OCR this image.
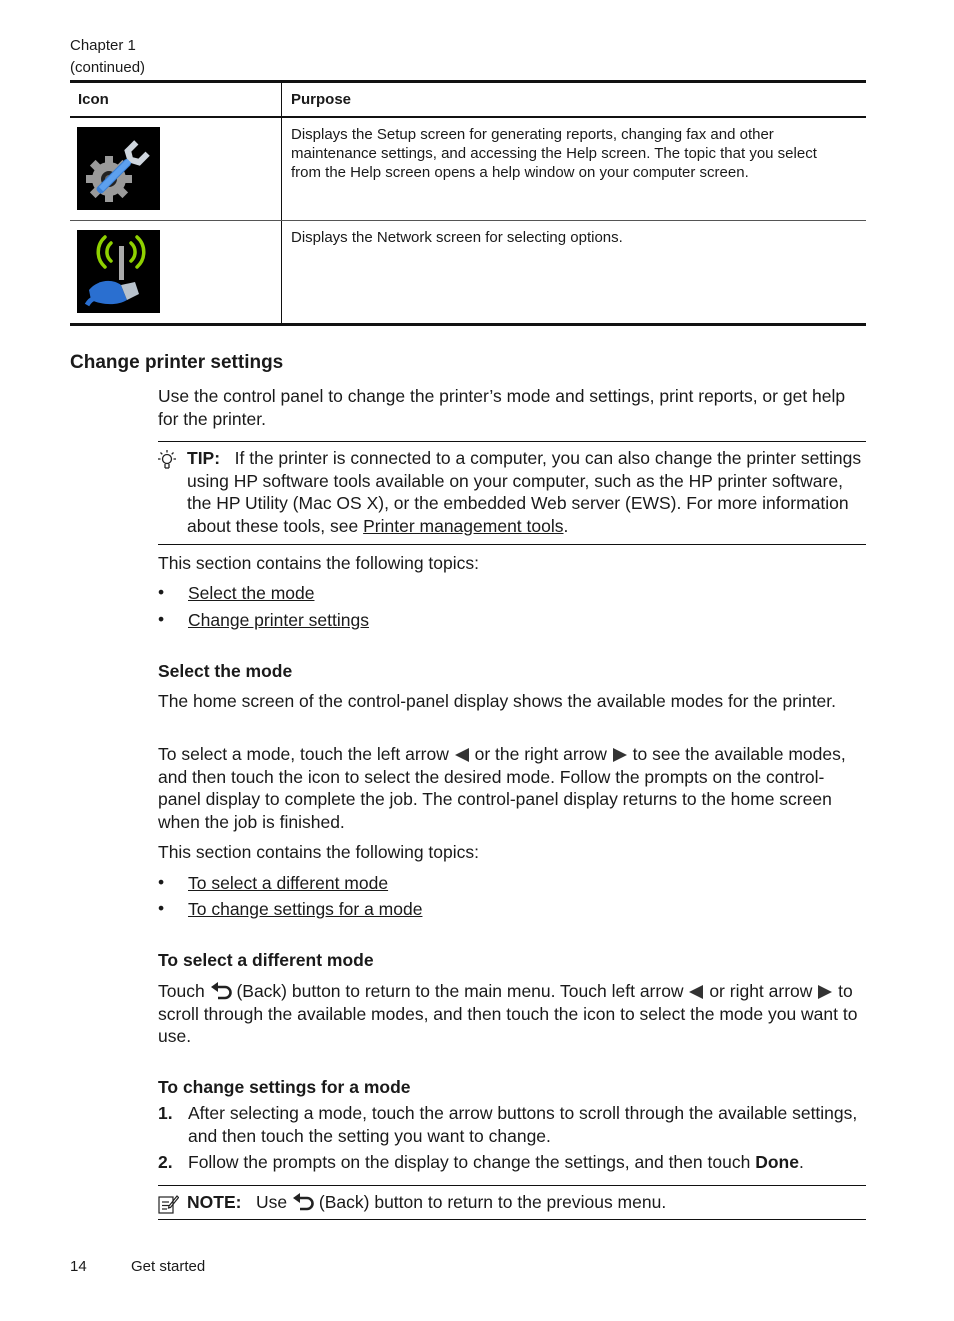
Chapter 1
(continued)
Icon	Purpose
Displays the Setup screen for generating reports, changing fax and other maintenance settings, and accessing the Help screen. The topic that you select from the Help screen opens a help window on your computer screen.
Displays the Network screen for selecting options.
Change printer settings
Use the control panel to change the printer’s mode and settings, print reports, or get help for the printer.
TIP: If the printer is connected to a computer, you can also change the printer settings using HP software tools available on your computer, such as the HP printer software, the HP Utility (Mac OS X), or the embedded Web server (EWS). For more information about these tools, see Printer management tools.
This section contains the following topics:
• Select the mode
• Change printer settings
Select the mode
The home screen of the control-panel display shows the available modes for the printer.
To select a mode, touch the left arrow or the right arrow to see the available modes, and then touch the icon to select the desired mode. Follow the prompts on the control-panel display to complete the job. The control-panel display returns to the home screen when the job is finished.
This section contains the following topics:
• To select a different mode
• To change settings for a mode
To select a different mode
Touch (Back) button to return to the main menu. Touch left arrow or right arrow to scroll through the available modes, and then touch the icon to select the mode you want to use.
To change settings for a mode
1. After selecting a mode, touch the arrow buttons to scroll through the available settings, and then touch the setting you want to change.
2. Follow the prompts on the display to change the settings, and then touch Done.
NOTE: Use (Back) button to return to the previous menu.
14	Get started
